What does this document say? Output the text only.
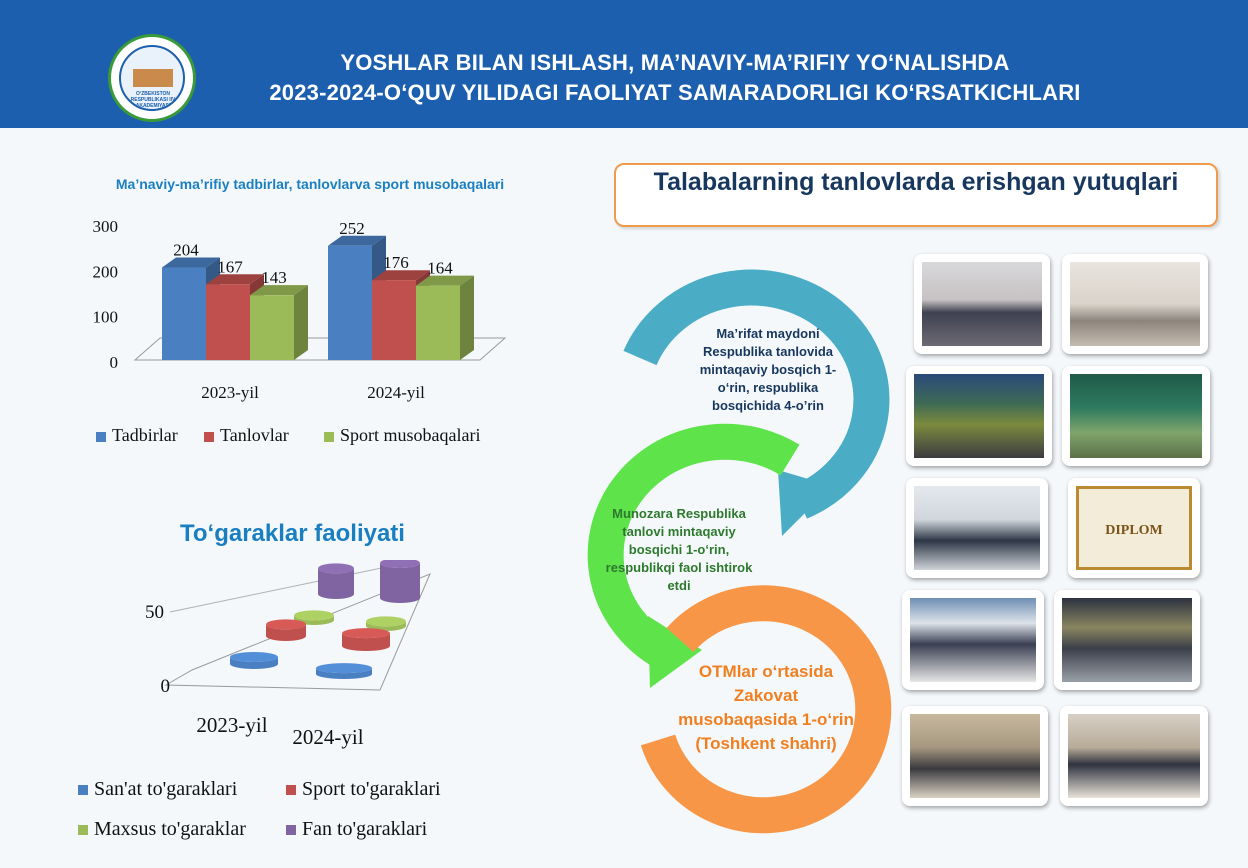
O‘ZBEKISTON RESPUBLIKASI IIV AKADEMIYASI
YOSHLAR BILAN ISHLASH, MA’NAVIY-MA’RIFIY YO‘NALISHDA
2023-2024-O‘QUV YILIDAGI FAOLIYAT SAMARADORLIGI KO‘RSATKICHLARI
Ma’naviy-ma’rifiy tadbirlar, tanlovlarva sport musobaqalari
0
100
200
300
204
167
143
2023-yil
252
176 164
2024-yil
Tadbirlar	Tanlovlar	Sport musobaqalari
To‘garaklar faoliyati
0
50
2023-yil 2024-yil
San'at to'garaklari	Sport to'garaklari
Maxsus to'garaklar	Fan to'garaklari
Talabalarning tanlovlarda erishgan yutuqlari
Ma’rifat maydoni Respublika tanlovida mintaqaviy bosqich 1-o‘rin, respublika bosqichida 4-o’rin
Munozara Respublika tanlovi mintaqaviy bosqichi 1-o‘rin, respublikqi faol ishtirok etdi
OTMlar o‘rtasida Zakovat musobaqasida 1-o‘rin (Toshkent shahri)
DIPLOM
